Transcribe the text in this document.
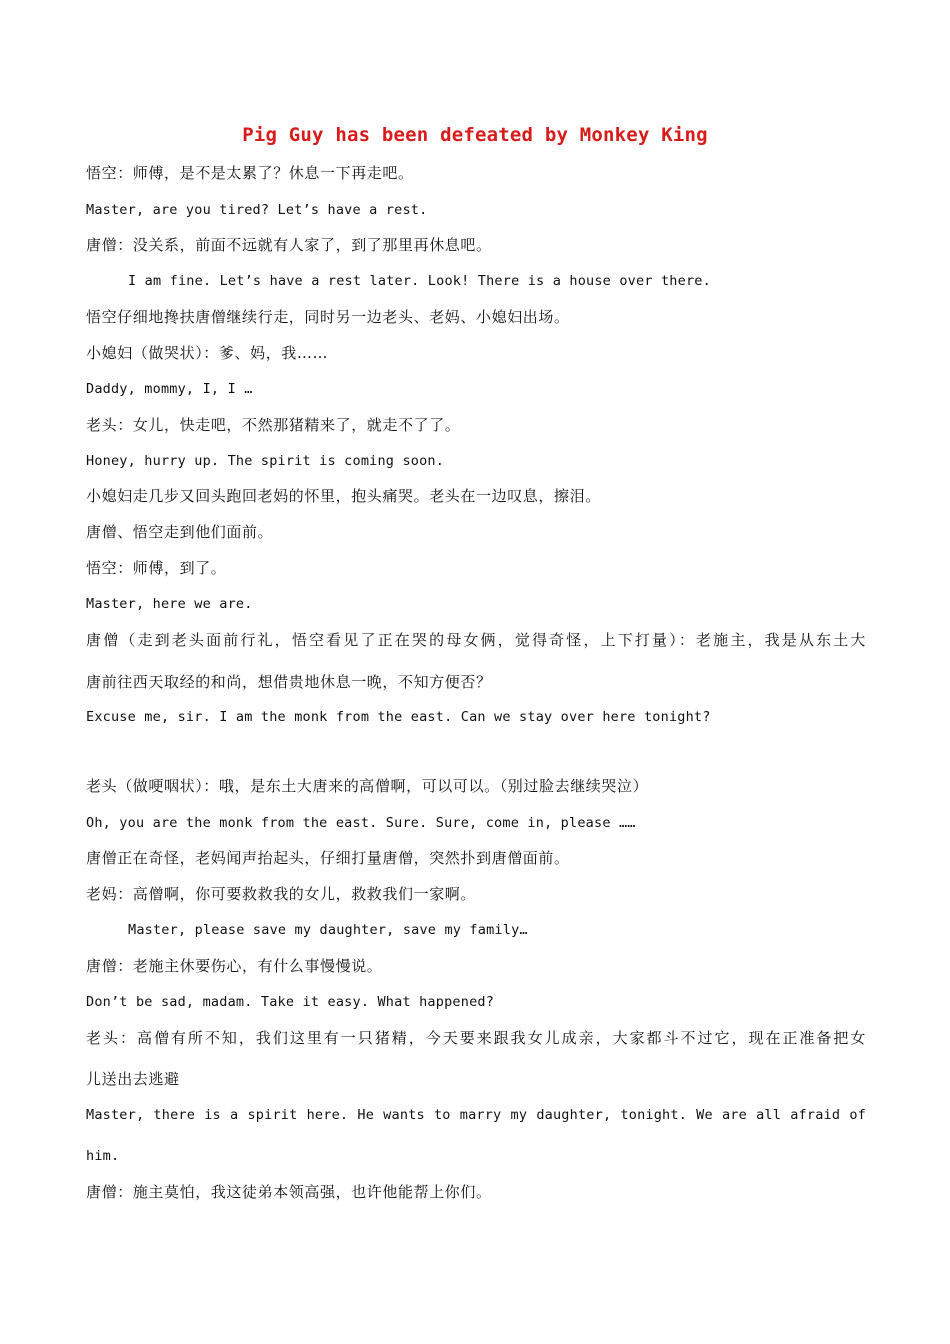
Pig Guy has been defeated by Monkey King
悟空：师傅，是不是太累了？休息一下再走吧。
Master, are you tired? Let’s have a rest.
唐僧：没关系，前面不远就有人家了，到了那里再休息吧。
I am fine. Let’s have a rest later. Look! There is a house over there.
悟空仔细地搀扶唐僧继续行走，同时另一边老头、老妈、小媳妇出场。
小媳妇（做哭状）：爹、妈，我……
Daddy, mommy, I, I …
老头：女儿，快走吧，不然那猪精来了，就走不了了。
Honey, hurry up. The spirit is coming soon.
小媳妇走几步又回头跑回老妈的怀里，抱头痛哭。老头在一边叹息，擦泪。
唐僧、悟空走到他们面前。
悟空：师傅，到了。
Master, here we are.
唐僧（走到老头面前行礼，悟空看见了正在哭的母女俩，觉得奇怪，上下打量）：老施主，我是从东土大
唐前往西天取经的和尚，想借贵地休息一晚，不知方便否？
Excuse me, sir. I am the monk from the east. Can we stay over here tonight?
老头（做哽咽状）：哦，是东土大唐来的高僧啊，可以可以。（别过脸去继续哭泣）
Oh, you are the monk from the east. Sure. Sure, come in, please ……
唐僧正在奇怪，老妈闻声抬起头，仔细打量唐僧，突然扑到唐僧面前。
老妈：高僧啊，你可要救救我的女儿，救救我们一家啊。
Master, please save my daughter, save my family…
唐僧：老施主休要伤心，有什么事慢慢说。
Don’t be sad, madam. Take it easy. What happened?
老头：高僧有所不知，我们这里有一只猪精，今天要来跟我女儿成亲，大家都斗不过它，现在正准备把女
儿送出去逃避
Master, there is a spirit here. He wants to marry my daughter, tonight. We are all afraid of
him.
唐僧：施主莫怕，我这徒弟本领高强，也许他能帮上你们。
